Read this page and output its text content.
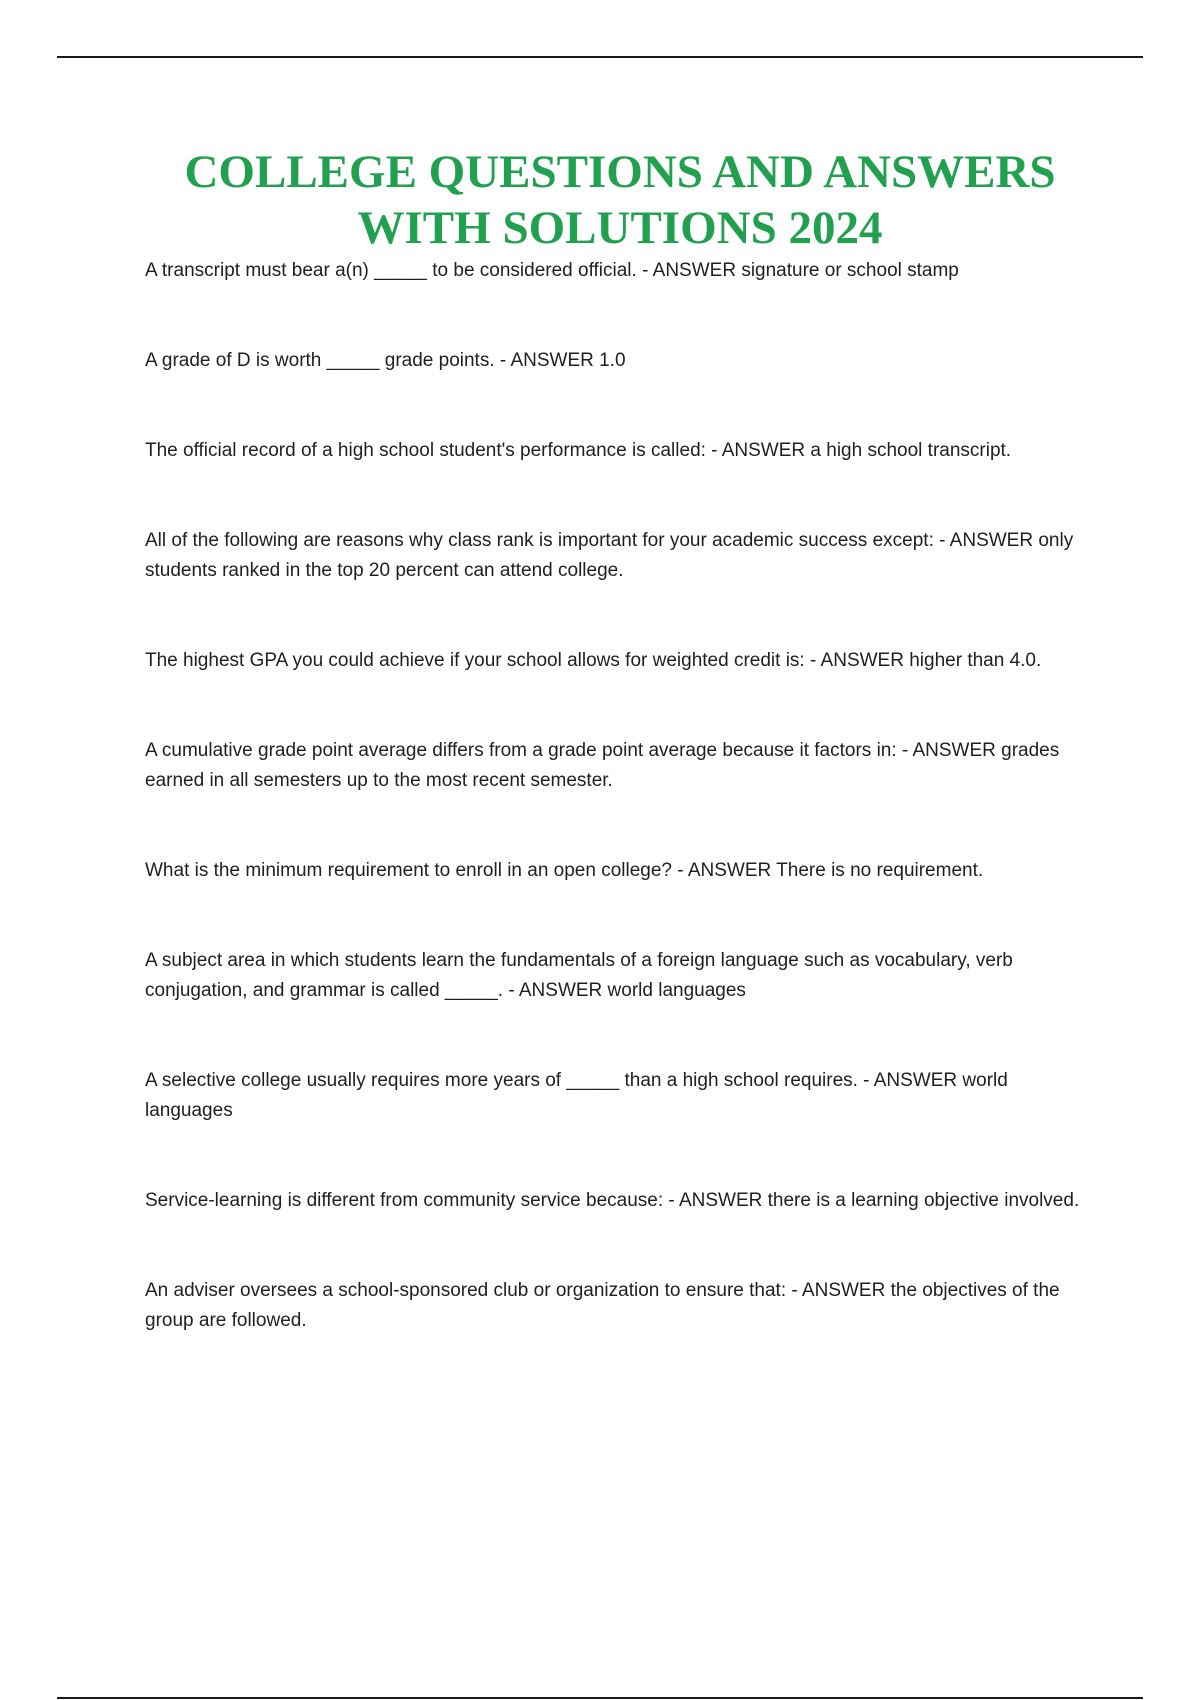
COLLEGE QUESTIONS AND ANSWERS
WITH SOLUTIONS 2024
A transcript must bear a(n) _____ to be considered official. - ANSWER signature or school stamp
A grade of D is worth _____ grade points. - ANSWER 1.0
The official record of a high school student's performance is called: - ANSWER a high school transcript.
All of the following are reasons why class rank is important for your academic success except: - ANSWER only students ranked in the top 20 percent can attend college.
The highest GPA you could achieve if your school allows for weighted credit is: - ANSWER higher than 4.0.
A cumulative grade point average differs from a grade point average because it factors in: - ANSWER grades earned in all semesters up to the most recent semester.
What is the minimum requirement to enroll in an open college? - ANSWER There is no requirement.
A subject area in which students learn the fundamentals of a foreign language such as vocabulary, verb conjugation, and grammar is called _____. - ANSWER world languages
A selective college usually requires more years of _____ than a high school requires. - ANSWER world languages
Service-learning is different from community service because: - ANSWER there is a learning objective involved.
An adviser oversees a school-sponsored club or organization to ensure that: - ANSWER the objectives of the group are followed.
